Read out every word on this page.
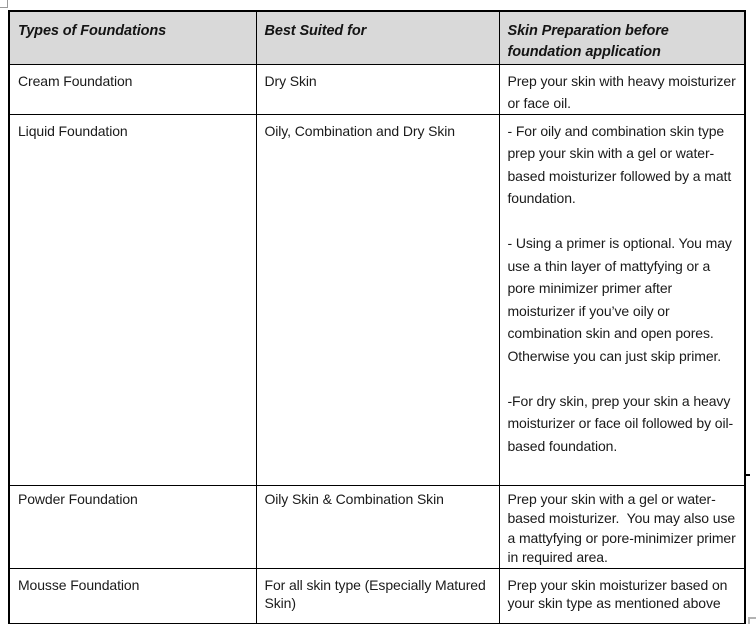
Types of Foundations	Best Suited for	Skin Preparation before foundation application
Cream Foundation	Dry Skin	Prep your skin with heavy moisturizer or face oil.

Liquid Foundation	Oily, Combination and Dry Skin	- For oily and combination skin type prep your skin with a gel or water- based moisturizer followed by a matt foundation.

- Using a primer is optional. You may use a thin layer of mattyfying or a pore minimizer primer after moisturizer if you’ve oily or combination skin and open pores. Otherwise you can just skip primer.

-For dry skin, prep your skin a heavy moisturizer or face oil followed by oil-based foundation.

Powder Foundation	Oily Skin & Combination Skin	Prep your skin with a gel or water-based moisturizer.  You may also use a mattyfying or pore-minimizer primer in required area.

Mousse Foundation	For all skin type (Especially Matured Skin)	Prep your skin moisturizer based on your skin type as mentioned above
